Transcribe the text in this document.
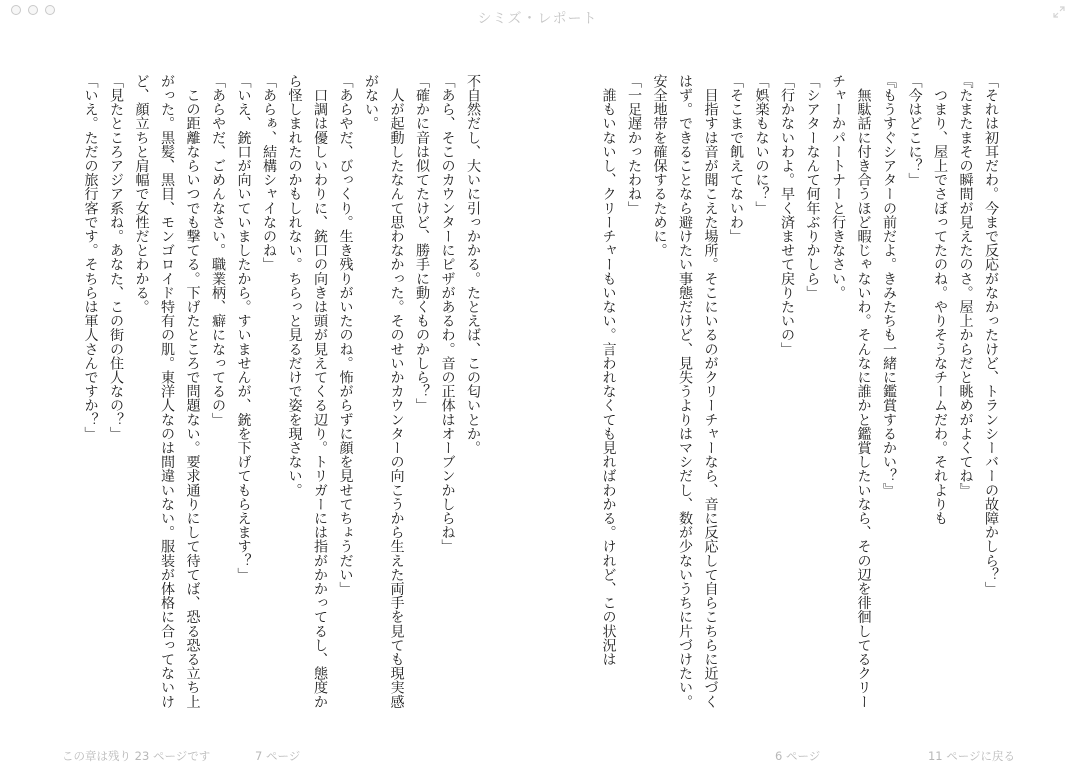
シミズ・レポート

「それは初耳だわ。今まで反応がなかったけど、トランシーバーの故障かしら？」

『たまたまその瞬間が見えたのさ。屋上からだと眺めがよくてね』

　つまり、屋上でさぼってたのね。やりそうなチームだわ。それよりも

「今はどこに？」

『もうすぐシアターの前だよ。きみたちも一緒に鑑賞するかい？』

　無駄話に付き合うほど暇じゃないわ。そんなに誰かと鑑賞したいなら、その辺を徘徊してるクリーチャーかパートナーと行きなさい。

「シアターなんて何年ぶりかしら」

「行かないわよ。早く済ませて戻りたいの」

「娯楽もないのに？」

「そこまで飢えてないわ」

　目指すは音が聞こえた場所。そこにいるのがクリーチャーなら、音に反応して自らこちらに近づくはず。できることなら避けたい事態だけど、見失うよりはマシだし、数が少ないうちに片づけたい。安全地帯を確保するために。

「一足遅かったわね」

　誰もいないし、クリーチャーもいない。言われなくても見ればわかる。けれど、この状況は

不自然だし、大いに引っかかる。たとえば、この匂いとか。

「あら、そこのカウンターにピザがあるわ。音の正体はオーブンかしらね」

「確かに音は似てたけど、勝手に動くものかしら？」

　人が起動したなんて思わなかった。そのせいかカウンターの向こうから生えた両手を見ても現実感がない。

「あらやだ、びっくり。生き残りがいたのね。怖がらずに顔を見せてちょうだい」

　口調は優しいわりに、銃口の向きは頭が見えてくる辺り。トリガーには指がかかってるし、態度から怪しまれたのかもしれない。ちらっと見るだけで姿を現さない。

「あらぁ、結構シャイなのね」

「いえ、銃口が向いていましたから。すいませんが、銃を下げてもらえます？」

「あらやだ、ごめんなさい。職業柄、癖になってるの」

　この距離ならいつでも撃てる。下げたところで問題ない。要求通りにして待てば、恐る恐る立ち上がった。黒髪、黒目、モンゴロイド特有の肌。東洋人なのは間違いない。服装が体格に合ってないけど、顔立ちと肩幅で女性だとわかる。

「見たところアジア系ね。あなた、この街の住人なの？」

「いえ。ただの旅行客です。そちらは軍人さんですか？」

この章は残り 23 ページです	7 ページ	6 ページ	11 ページに戻る
